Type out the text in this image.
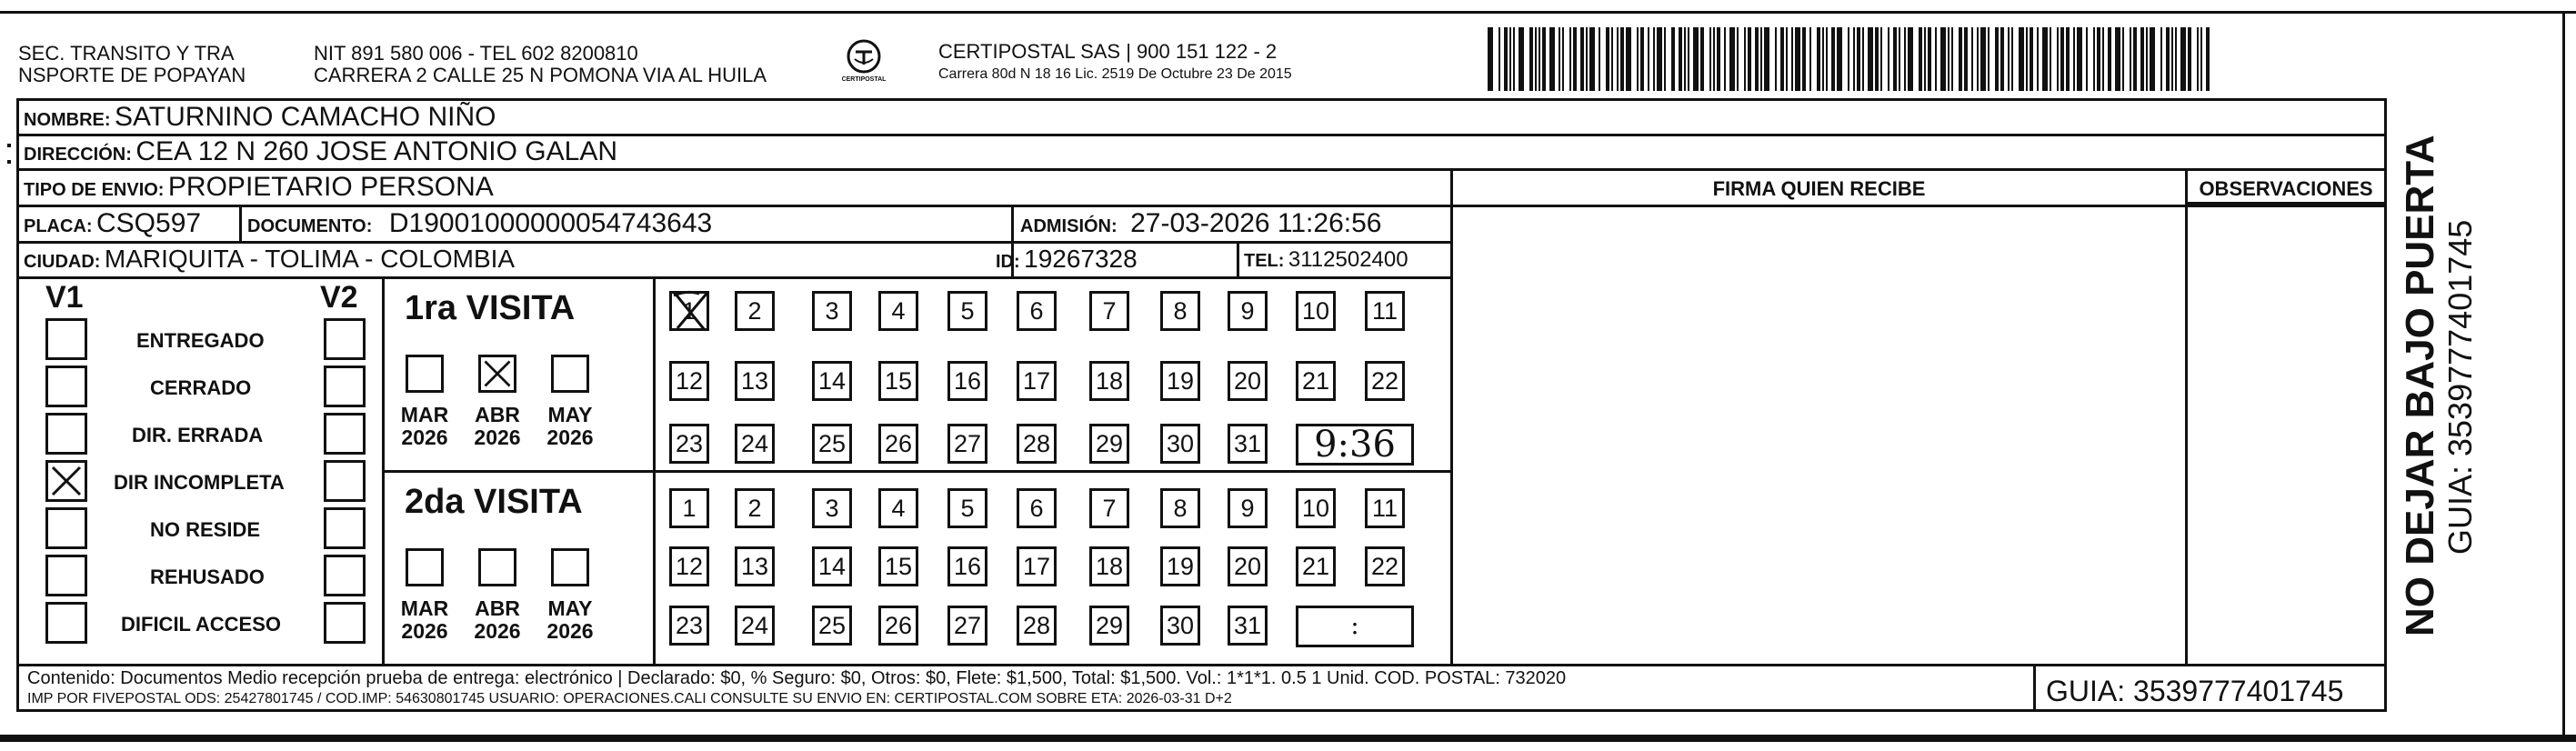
SEC. TRANSITO Y TRA
NSPORTE DE POPAYAN
NIT 891 580 006 - TEL 602 8200810
CARRERA 2 CALLE 25 N POMONA VIA AL HUILA	CERTIPOSTAL
CERTIPOSTAL SAS | 900 151 122 - 2
Carrera 80d N 18 16 Lic. 2519 De Octubre 23 De 2015
NOMBRE: SATURNINO CAMACHO NIÑO
DIRECCIÓN: CEA 12 N 260 JOSE ANTONIO GALAN
TIPO DE ENVIO: PROPIETARIO PERSONA
PLACA: CSQ597	DOCUMENTO: D19001000000054743643	ADMISIÓN: 27-03-2026 11:26:56
CIUDAD: MARIQUITA - TOLIMA - COLOMBIA	ID: 19267328	TEL: 3112502400
FIRMA QUIEN RECIBE	OBSERVACIONES
V1	V2
ENTREGADO
CERRADO
DIR. ERRADA
DIR INCOMPLETA
NO RESIDE
REHUSADO
DIFICIL ACCESO
1ra VISITA
MAR
2026
ABR
2026
MAY
2026
1	2	3	4	5	6	7	8	9	10 11
12 13 14 15 16 17 18 19 20 21 22
23 24 25 26 27 28 29 30 31	9:36
2da VISITA
MAR
2026
ABR
2026
MAY
2026
1	2	3	4	5	6	7	8	9	10 11
12 13 14 15 16 17 18 19 20 21 22
23 24 25 26 27 28 29 30 31	:
Contenido: Documentos Medio recepción prueba de entrega: electrónico | Declarado: $0, % Seguro: $0, Otros: $0, Flete: $1,500, Total: $1,500. Vol.: 1*1*1. 0.5 1 Unid. COD. POSTAL: 732020
IMP POR FIVEPOSTAL ODS: 25427801745 / COD.IMP: 54630801745 USUARIO: OPERACIONES.CALI CONSULTE SU ENVIO EN: CERTIPOSTAL.COM SOBRE ETA: 2026-03-31 D+2	GUIA: 3539777401745
NO DEJAR BAJO PUERTA GUIA: 3539777401745
